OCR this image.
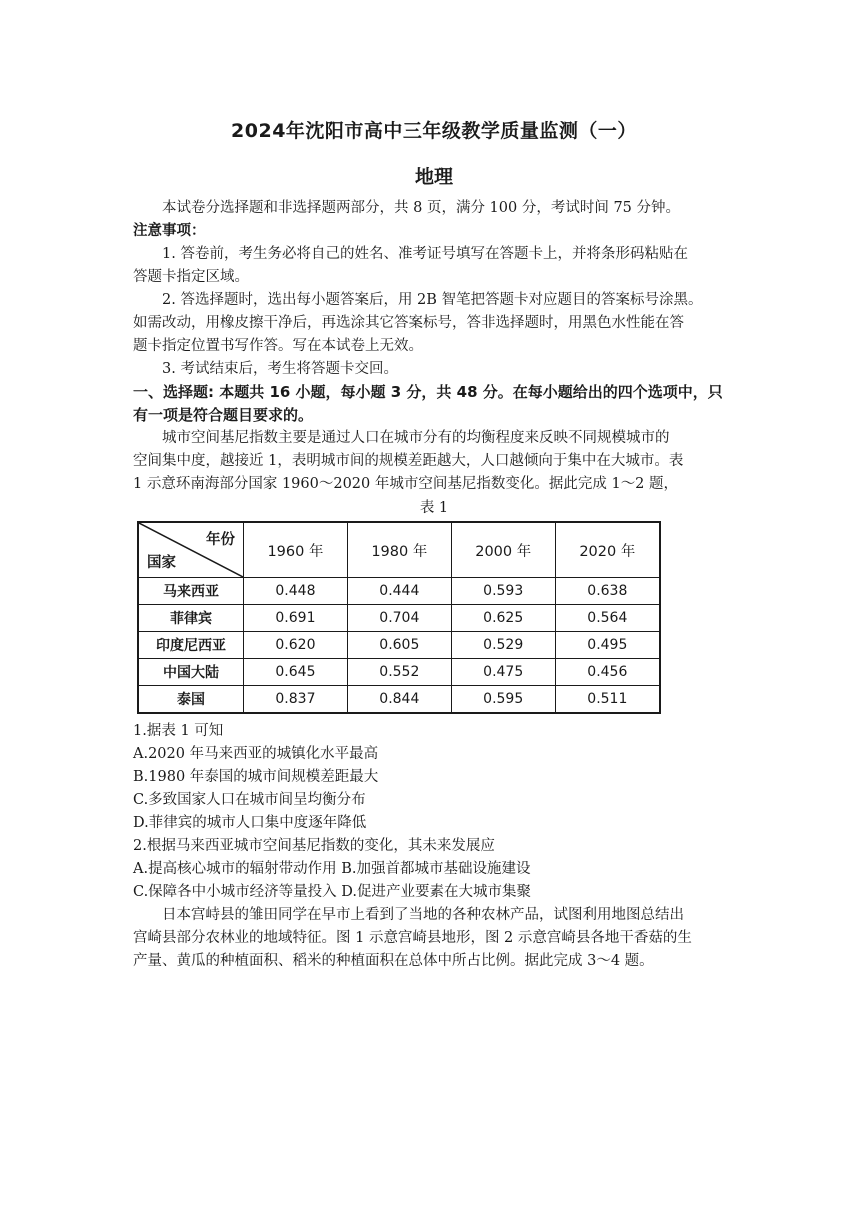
2024年沈阳市高中三年级教学质量监测（一）
地理
本试卷分选择题和非选择题两部分，共 8 页，满分 100 分，考试时间 75 分钟。
注意事项：
1. 答卷前，考生务必将自己的姓名、准考证号填写在答题卡上，并将条形码粘贴在
答题卡指定区域。
2. 答选择题时，选出每小题答案后，用 2B 智笔把答题卡对应题目的答案标号涂黑。
如需改动，用橡皮擦干净后，再选涂其它答案标号，答非选择题时，用黑色水性能在答
题卡指定位置书写作答。写在本试卷上无效。
3. 考试结束后，考生将答题卡交回。
一、选择题: 本题共 16 小题，每小题 3 分，共 48 分。在每小题给出的四个选项中，只
有一项是符合题目要求的。
城市空间基尼指数主要是通过人口在城市分有的均衡程度来反映不同规模城市的
空间集中度，越接近 1，表明城市间的规模差距越大，人口越倾向于集中在大城市。表
1 示意环南海部分国家 1960～2020 年城市空间基尼指数变化。据此完成 1～2 题，
表 1
年份
国家	1960 年	1980 年	2000 年	2020 年
马来西亚	0.448	0.444	0.593	0.638
菲律宾	0.691	0.704	0.625	0.564
印度尼西亚	0.620	0.605	0.529	0.495
中国大陆	0.645	0.552	0.475	0.456
泰国	0.837	0.844	0.595	0.511
1.据表 1 可知
A.2020 年马来西亚的城镇化水平最高
B.1980 年泰国的城市间规模差距最大
C.多致国家人口在城市间呈均衡分布
D.菲律宾的城市人口集中度逐年降低
2.根据马来西亚城市空间基尼指数的变化，其未来发展应
A.提高核心城市的辐射带动作用 B.加强首都城市基础设施建设
C.保障各中小城市经济等量投入 D.促进产业要素在大城市集聚
日本宫峙县的雏田同学在早市上看到了当地的各种农林产品，试图利用地图总结出
宫崎县部分农林业的地域特征。图 1 示意宫崎县地形，图 2 示意宫崎县各地干香菇的生
产量、黄瓜的种植面积、稻米的种植面积在总体中所占比例。据此完成 3～4 题。
